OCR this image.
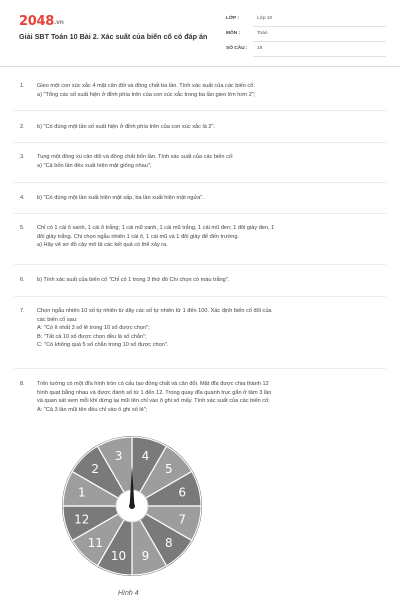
2048.vn
Giải SBT Toán 10 Bài 2. Xác suất của biến cố có đáp án
LỚP :	Lớp 10
MÔN :	Toán
SỐ CÂU : 19
1. Gieo một con xúc xắc 4 mặt cân đối và đồng chất ba lần. Tính xác suất của các biến cố:
a) "Tổng các số xuất hiện ở đỉnh phía trên của con xúc xắc trong ba lần gieo lớn hơn 2";
2. b) "Có đúng một lần số xuất hiện ở đỉnh phía trên của con xúc xắc là 2".
3. Tung một đồng xu cân đối và đồng chất bốn lần. Tính xác suất của các biến cố:
a) "Cả bốn lần đều xuất hiện mặt giống nhau";
4. b) "Có đúng một lần xuất hiện mặt sấp, ba lần xuất hiện mặt ngửa".
5. Chỉ có 1 cái ô xanh, 1 cái ô trắng; 1 cái mũ xanh, 1 cái mũ trắng, 1 cái mũ đen; 1 đôi giày đen, 1
đôi giày trắng. Chị chọn ngẫu nhiên 1 cái ô, 1 cái mũ và 1 đôi giày để đến trường.
a) Hãy vẽ sơ đồ cây mô tả các kết quả có thể xảy ra.
6. b) Tính xác suất của biến cố "Chỉ có 1 trong 3 thứ đồ Chi chọn có màu trắng".
7. Chọn ngẫu nhiên 10 số tự nhiên từ dãy các số tự nhiên từ 1 đến 100. Xác định biến cố đối của
các biến cố sau:
A: "Có ít nhất 3 số lẻ trong 10 số được chọn";
B: "Tất cả 10 số được chọn đều là số chẵn";
C: "Có không quá 5 số chẵn trong 10 số được chọn".
8. Trên tường có một đĩa hình tròn có cấu tạo đồng chất và cân đối. Mặt đĩa được chia thành 12
hình quạt bằng nhau và được đánh số từ 1 đến 12. Trong quay đĩa quanh trục gắn ở tâm 3 lần
và quan sát xem mỗi khi dừng lại mũi tên chỉ vào ô ghi số mấy. Tính xác suất của các biến cố:
A: "Cả 3 lần mũi tên đều chỉ vào ô ghi số lẻ";
4
5
6
7
8
9
10
11
12
1
2
3
Hình 4
